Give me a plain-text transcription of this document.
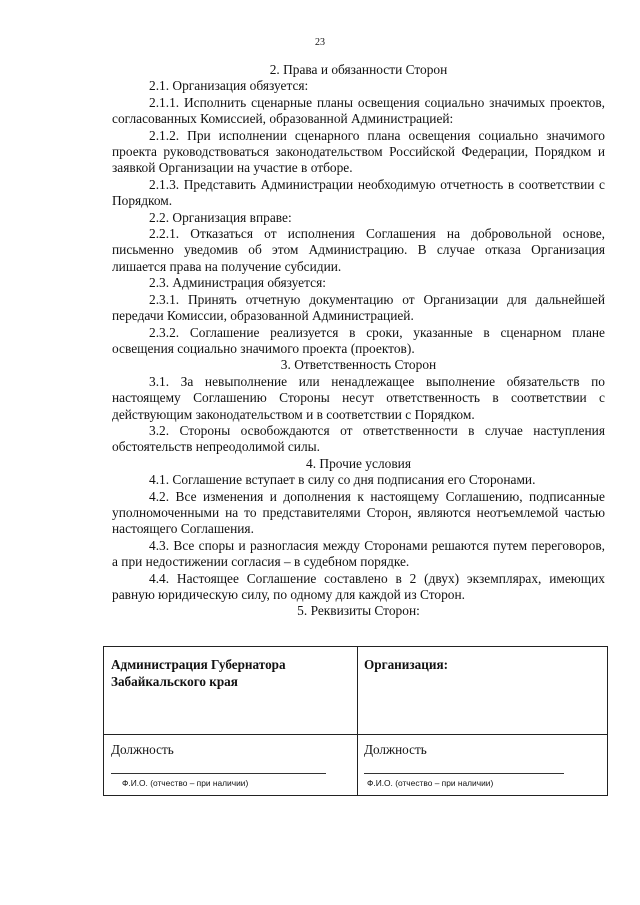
23

2. Права и обязанности Сторон

2.1. Организация обязуется:

2.1.1. Исполнить сценарные планы освещения социально значимых проектов, согласованных Комиссией, образованной Администрацией:

2.1.2. При исполнении сценарного плана освещения социально значимого проекта руководствоваться законодательством Российской Федерации, Порядком и заявкой Организации на участие в отборе.

2.1.3. Представить Администрации необходимую отчетность в соответствии с Порядком.

2.2. Организация вправе:

2.2.1. Отказаться от исполнения Соглашения на добровольной основе, письменно уведомив об этом Администрацию. В случае отказа Организация лишается права на получение субсидии.

2.3. Администрация обязуется:

2.3.1. Принять отчетную документацию от Организации для дальнейшей передачи Комиссии, образованной Администрацией.

2.3.2. Соглашение реализуется в сроки, указанные в сценарном плане освещения социально значимого проекта (проектов).

3. Ответственность Сторон

3.1. За невыполнение или ненадлежащее выполнение обязательств по настоящему Соглашению Стороны несут ответственность в соответствии с действующим законодательством и в соответствии с Порядком.

3.2. Стороны освобождаются от ответственности в случае наступления обстоятельств непреодолимой силы.

4. Прочие условия

4.1. Соглашение вступает в силу со дня подписания его Сторонами.

4.2. Все изменения и дополнения к настоящему Соглашению, подписанные уполномоченными на то представителями Сторон, являются неотъемлемой частью настоящего Соглашения.

4.3. Все споры и разногласия между Сторонами решаются путем переговоров, а при недостижении согласия – в судебном порядке.

4.4. Настоящее Соглашение составлено в 2 (двух) экземплярах, имеющих равную юридическую силу, по одному для каждой из Сторон.

5. Реквизиты Сторон:

Администрация Губернатора Забайкальского края
Должность
Ф.И.О. (отчество – при наличии)
Организация:
Должность
Ф.И.О. (отчество – при наличии)
